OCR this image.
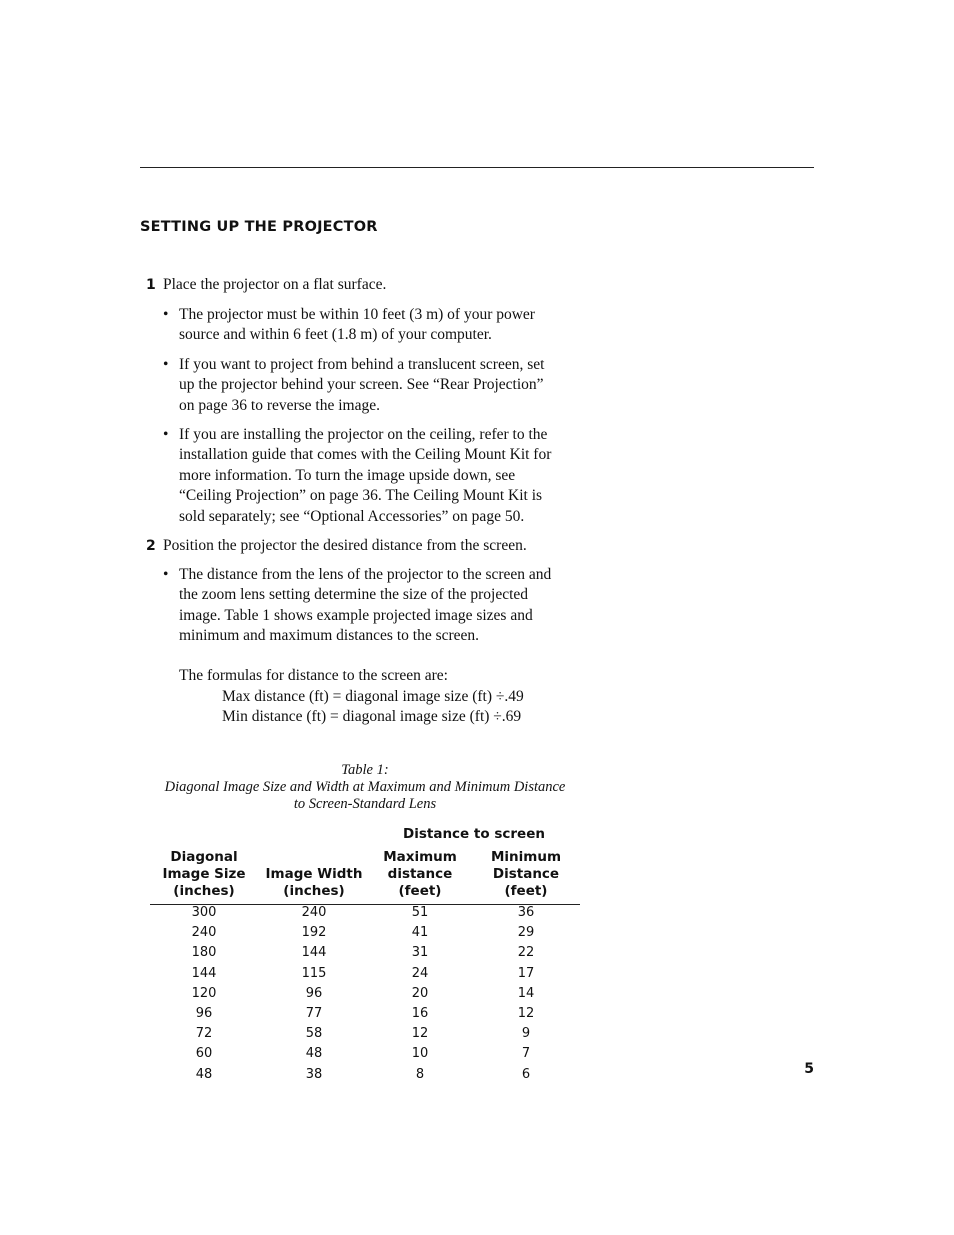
SETTING UP THE PROJECTOR
1 Place the projector on a flat surface.
• The projector must be within 10 feet (3 m) of your power
source and within 6 feet (1.8 m) of your computer.
• If you want to project from behind a translucent screen, set
up the projector behind your screen. See “Rear Projection”
on page 36 to reverse the image.
• If you are installing the projector on the ceiling, refer to the
installation guide that comes with the Ceiling Mount Kit for
more information. To turn the image upside down, see
“Ceiling Projection” on page 36. The Ceiling Mount Kit is
sold separately; see “Optional Accessories” on page 50.
2 Position the projector the desired distance from the screen.
• The distance from the lens of the projector to the screen and
the zoom lens setting determine the size of the projected
image. Table 1 shows example projected image sizes and
minimum and maximum distances to the screen.
The formulas for distance to the screen are:
Max distance (ft) = diagonal image size (ft) ÷.49
Min distance (ft) = diagonal image size (ft) ÷.69
Table 1:
Diagonal Image Size and Width at Maximum and Minimum Distance
to Screen-Standard Lens
Distance to screen
Diagonal
Image Size
(inches)
Image Width
(inches)
Maximum
distance
(feet)
Minimum
Distance
(feet)
300	240	51	36
240	192	41	29
180	144	31	22
144	115	24	17
120	96	20	14
96	77	16	12
72	58	12	9
60	48	10	7
48	38	8	6	5
